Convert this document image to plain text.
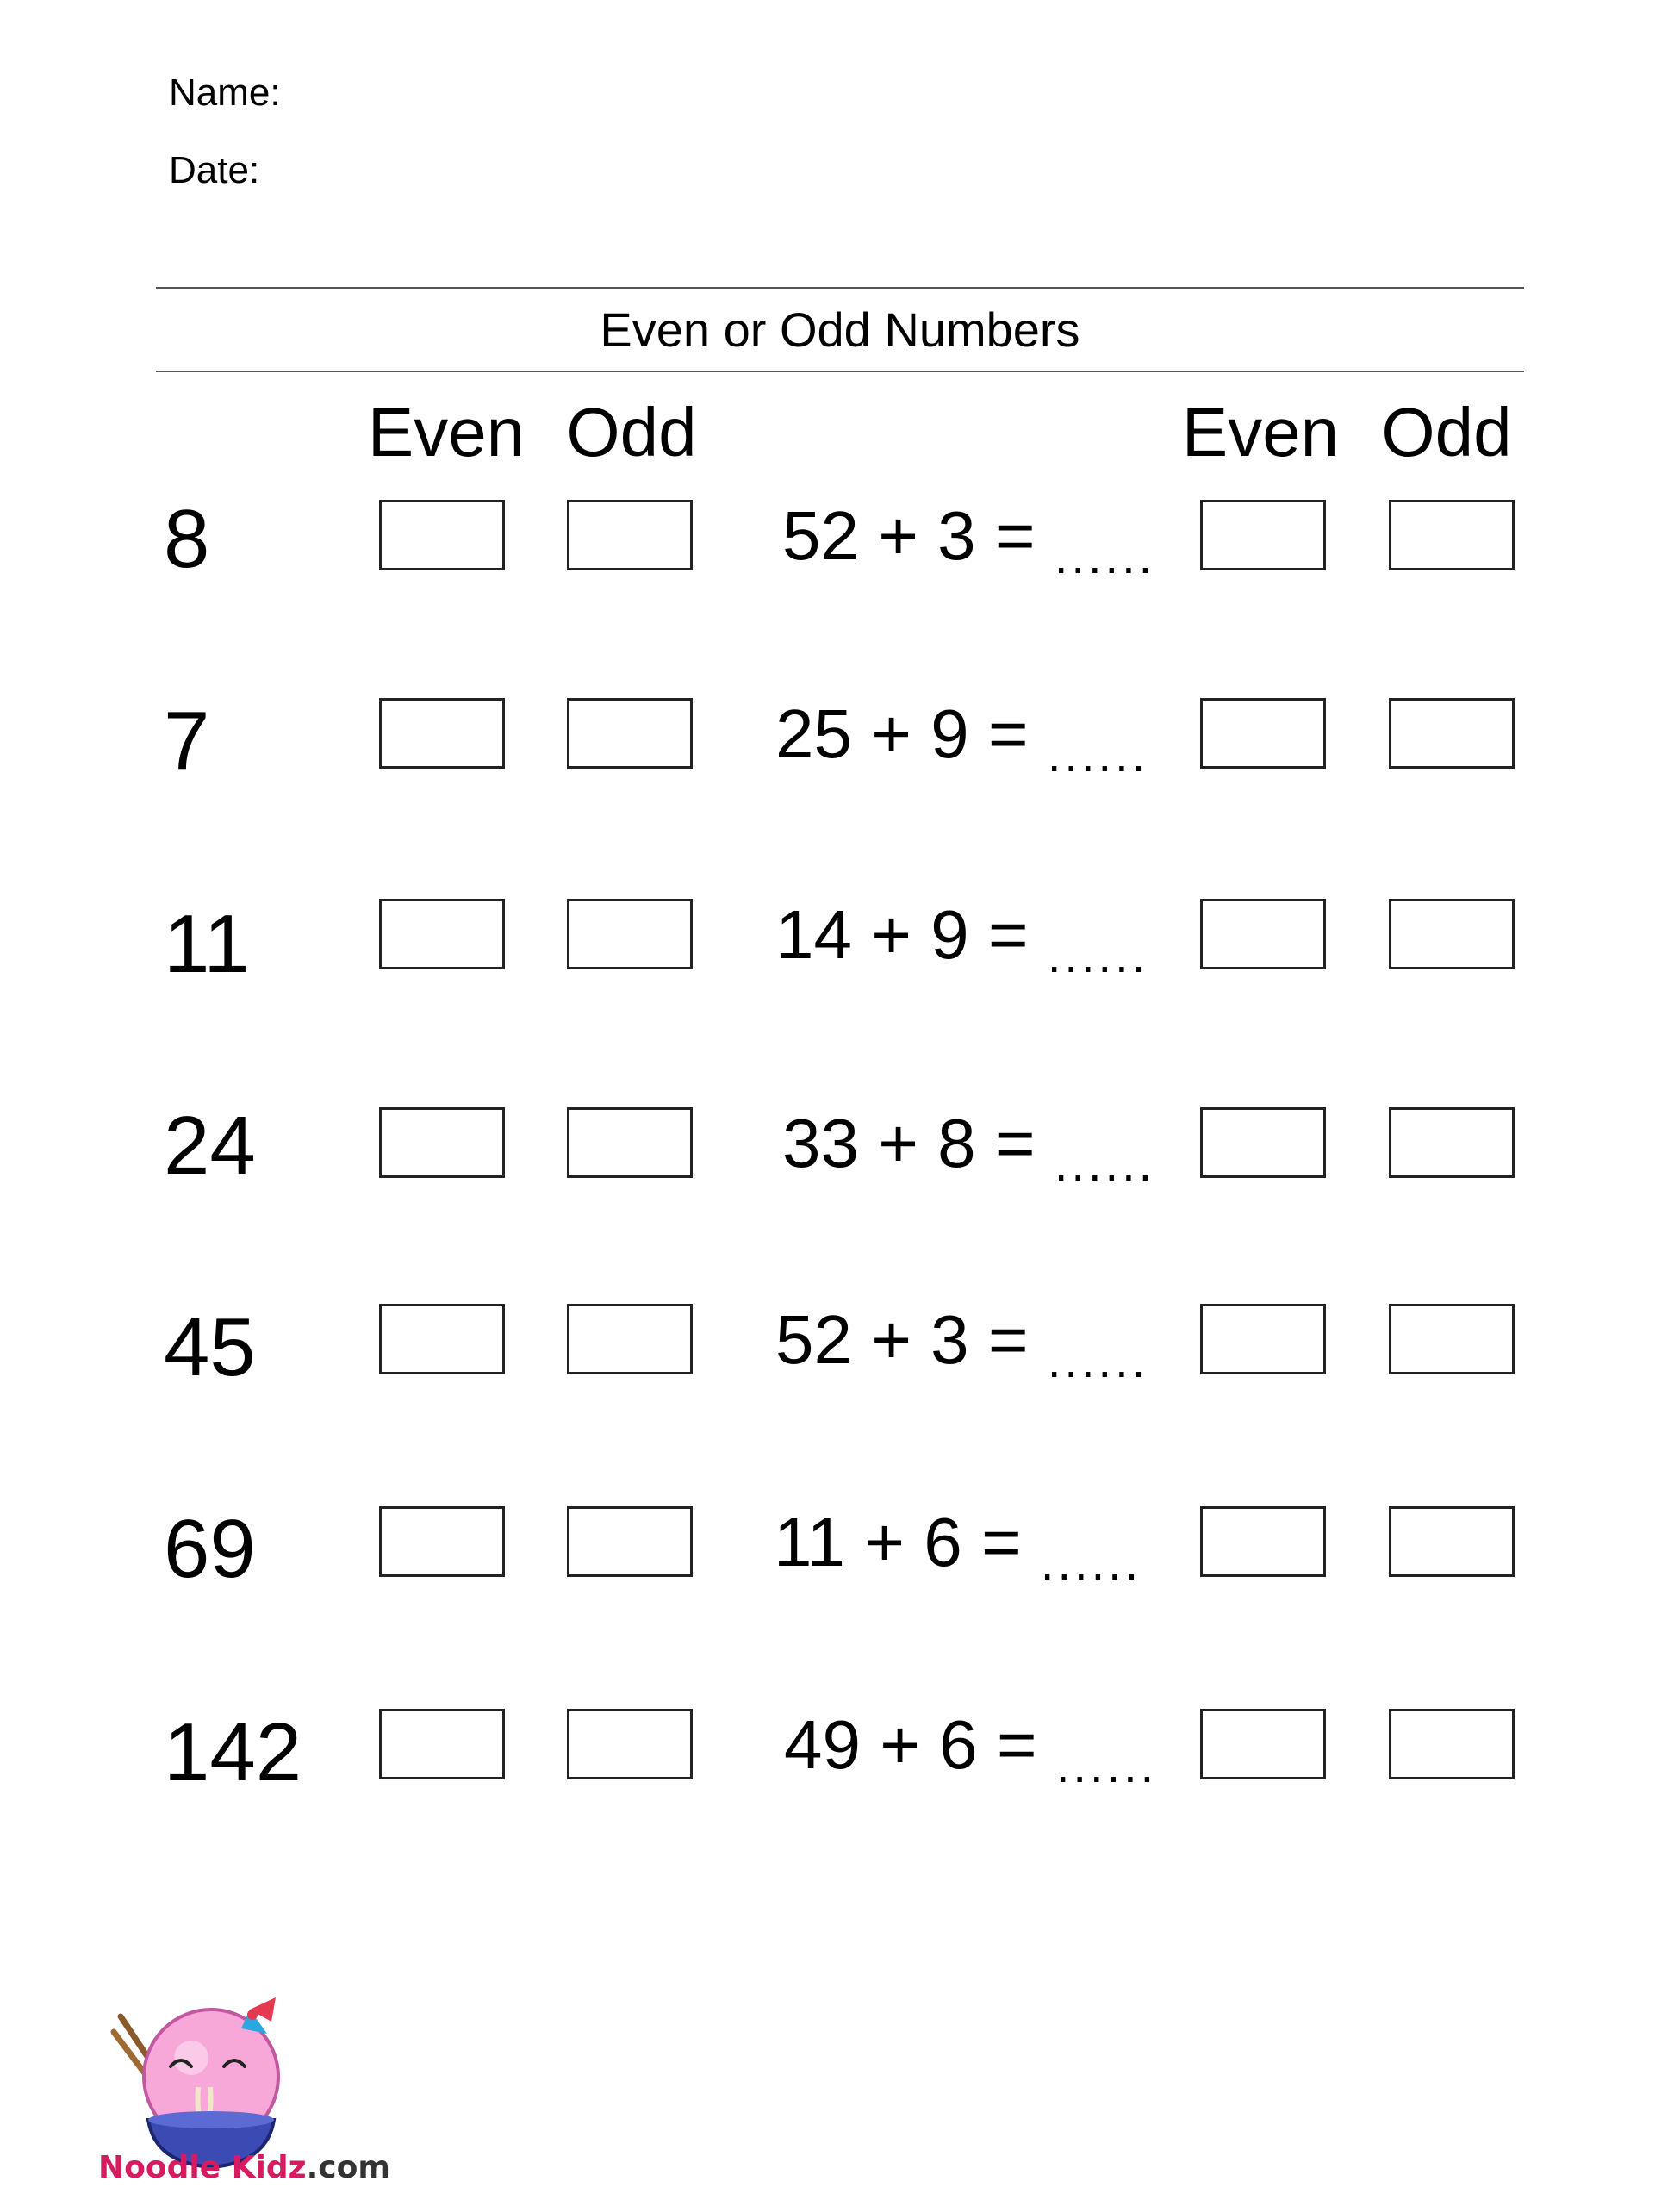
Name:
Date:
Even or Odd Numbers
Even Odd	Even Odd
8	52 + 3 = ......
7	25 + 9 = ......
11	14 + 9 = ......
24	33 + 8 = ......
45	52 + 3 = ......
69	11 + 6 = ......
142	49 + 6 = ......
Noodle Kidz.com
